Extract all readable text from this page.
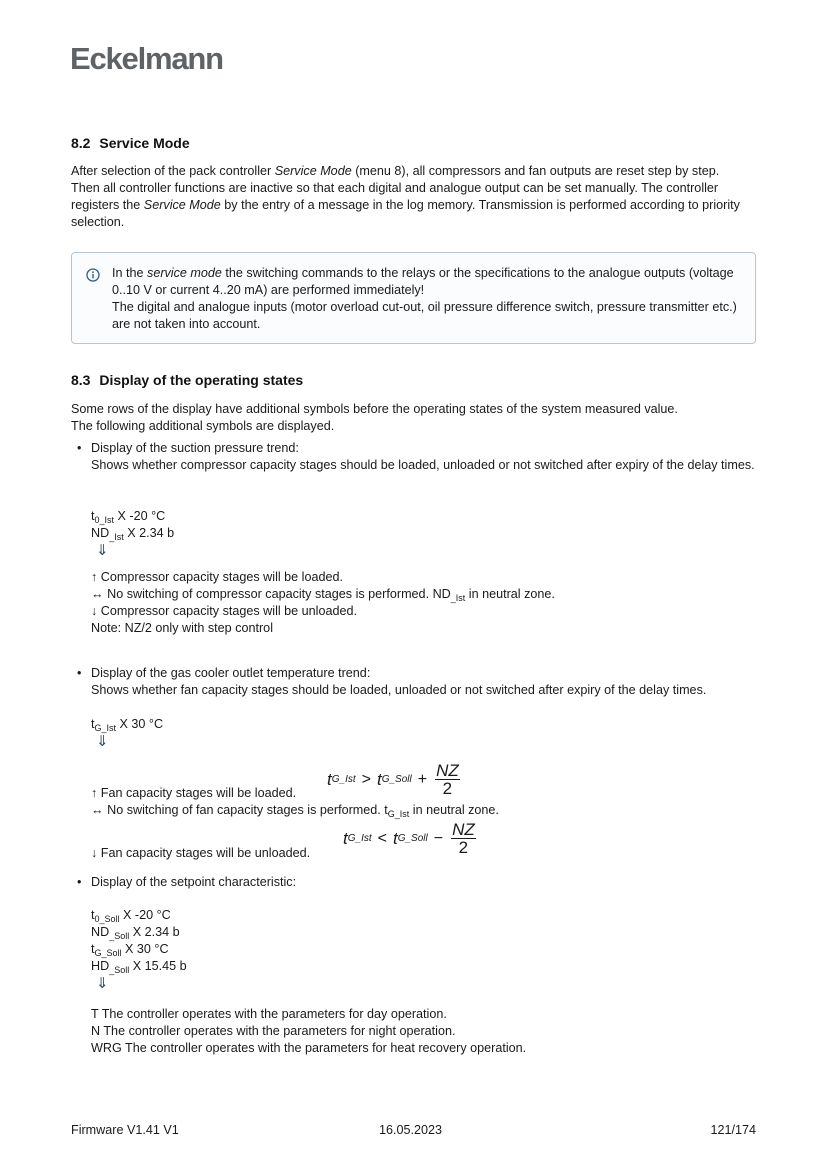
Eckelmann
8.2 Service Mode

After selection of the pack controller Service Mode (menu 8), all compressors and fan outputs are reset step by step.

Then all controller functions are inactive so that each digital and analogue output can be set manually. The controller registers the Service Mode by the entry of a message in the log memory. Transmission is performed according to priority selection.

In the service mode the switching commands to the relays or the specifications to the analogue outputs (voltage 0..10 V or current 4..20 mA) are performed immediately!

The digital and analogue inputs (motor overload cut-out, oil pressure difference switch, pressure transmitter etc.) are not taken into account.

8.3 Display of the operating states

Some rows of the display have additional symbols before the operating states of the system measured value.

The following additional symbols are displayed.

• Display of the suction pressure trend:

Shows whether compressor capacity stages should be loaded, unloaded or not switched after expiry of the delay times.

$t_{0\_Ist}$ X -20 °C
$ND_{\_Ist}$ X 2.34 b
⇓
↑ Compressor capacity stages will be loaded.
↔ No switching of compressor capacity stages is performed. $ND_{\_Ist}$ in neutral zone.
↓ Compressor capacity stages will be unloaded.
Note: NZ/2 only with step control
• Display of the gas cooler outlet temperature trend:

Shows whether fan capacity stages should be loaded, unloaded or not switched after expiry of the delay times.

$t_{G\_Ist}$ X 30 °C
⇓
↑ Fan capacity stages will be loaded.
t G_Ist > t G_Soll + $\frac{NZ}{2}$
↔ No switching of fan capacity stages is performed. $t_{G\_Ist}$ in neutral zone.
t G_Ist < t G_Soll − $\frac{NZ}{2}$
↓ Fan capacity stages will be unloaded.
• Display of the setpoint characteristic:

$t_{0\_Soll}$ X -20 °C
$ND_{\_Soll}$ X 2.34 b
$t_{G\_Soll}$ X 30 °C
$HD_{\_Soll}$ X 15.45 b
⇓
T The controller operates with the parameters for day operation.
N The controller operates with the parameters for night operation.
WRG The controller operates with the parameters for heat recovery operation.
Firmware V1.41 V1	16.05.2023	121/174
